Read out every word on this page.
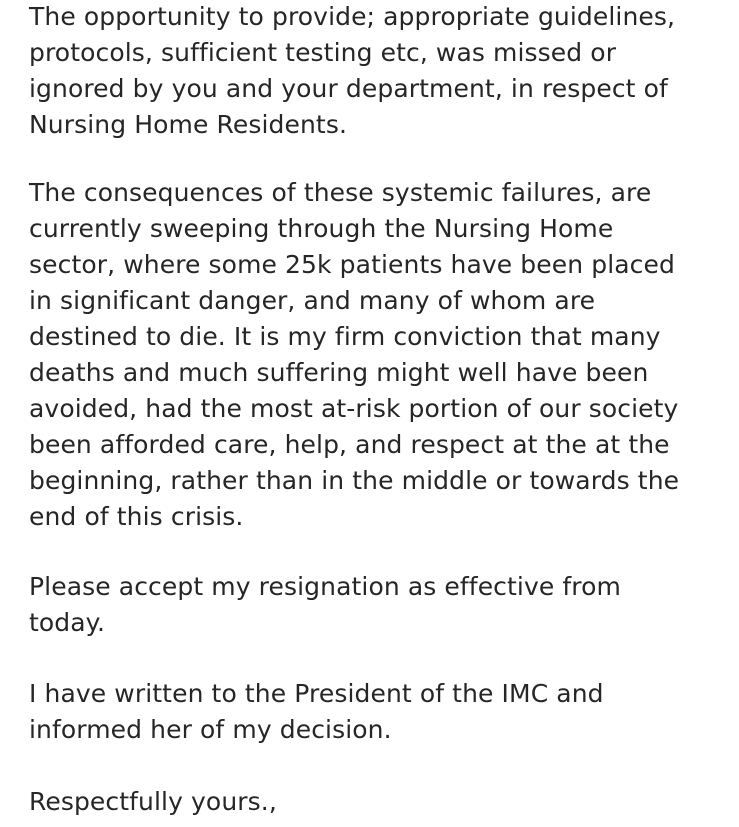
The opportunity to provide; appropriate guidelines,
protocols, sufficient testing etc, was missed or
ignored by you and your department, in respect of
Nursing Home Residents.
The consequences of these systemic failures, are
currently sweeping through the Nursing Home
sector, where some 25k patients have been placed
in significant danger, and many of whom are
destined to die. It is my firm conviction that many
deaths and much suffering might well have been
avoided, had the most at-risk portion of our society
been afforded care, help, and respect at the at the
beginning, rather than in the middle or towards the
end of this crisis.
Please accept my resignation as effective from
today.
I have written to the President of the IMC and
informed her of my decision.
Respectfully yours.,
